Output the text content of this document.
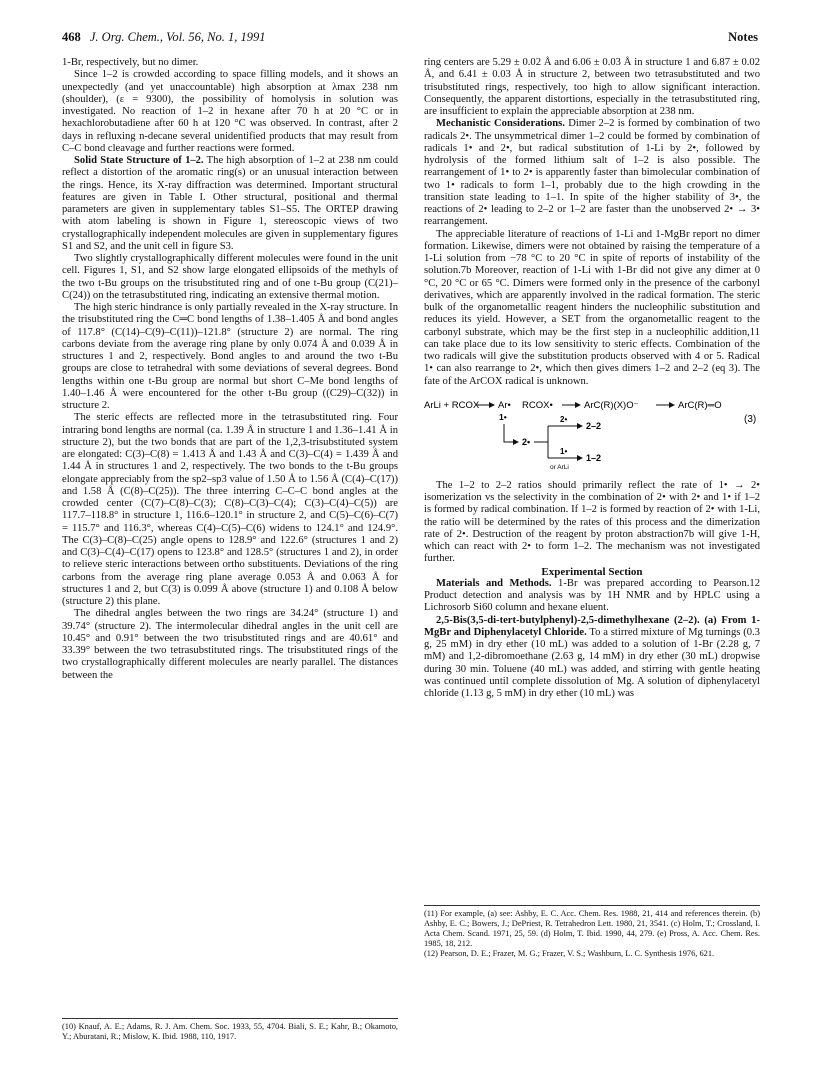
468 J. Org. Chem., Vol. 56, No. 1, 1991	Notes

1-Br, respectively, but no dimer.

Since 1–2 is crowded according to space filling models, and it shows an unexpectedly (and yet unaccountable) high absorption at λmax 238 nm (shoulder), (ε = 9300), the possibility of homolysis in solution was investigated. No reaction of 1–2 in hexane after 70 h at 20 °C or in hexachlorobutadiene after 60 h at 120 °C was observed. In contrast, after 2 days in refluxing n-decane several unidentified products that may result from C–C bond cleavage and further reactions were formed.

Solid State Structure of 1–2. The high absorption of 1–2 at 238 nm could reflect a distortion of the aromatic ring(s) or an unusual interaction between the rings. Hence, its X-ray diffraction was determined. Important structural features are given in Table I. Other structural, positional and thermal parameters are given in supplementary tables S1–S5. The ORTEP drawing with atom labeling is shown in Figure 1, stereoscopic views of two crystallographically independent molecules are given in supplementary figures S1 and S2, and the unit cell in figure S3.

Two slightly crystallographically different molecules were found in the unit cell. Figures 1, S1, and S2 show large elongated ellipsoids of the methyls of the two t-Bu groups on the trisubstituted ring and of one t-Bu group (C(21)–C(24)) on the tetrasubstituted ring, indicating an extensive thermal motion.

The high steric hindrance is only partially revealed in the X-ray structure. In the trisubstituted ring the C═C bond lengths of 1.38–1.405 Å and bond angles of 117.8° (C(14)–C(9)–C(11))–121.8° (structure 2) are normal. The ring carbons deviate from the average ring plane by only 0.074 Å and 0.039 Å in structures 1 and 2, respectively. Bond angles to and around the two t-Bu groups are close to tetrahedral with some deviations of several degrees. Bond lengths within one t-Bu group are normal but short C–Me bond lengths of 1.40–1.46 Å were encountered for the other t-Bu group ((C29)–C(32)) in structure 2.

The steric effects are reflected more in the tetrasubstituted ring. Four intraring bond lengths are normal (ca. 1.39 Å in structure 1 and 1.36–1.41 Å in structure 2), but the two bonds that are part of the 1,2,3-trisubstituted system are elongated: C(3)–C(8) = 1.413 Å and 1.43 Å and C(3)–C(4) = 1.439 Å and 1.44 Å in structures 1 and 2, respectively. The two bonds to the t-Bu groups elongate appreciably from the sp2–sp3 value of 1.50 Å to 1.56 Å (C(4)–C(17)) and 1.58 Å (C(8)–C(25)). The three interring C–C–C bond angles at the crowded center (C(7)–C(8)–C(3); C(8)–C(3)–C(4); C(3)–C(4)–C(5)) are 117.7–118.8° in structure 1, 116.6–120.1° in structure 2, and C(5)–C(6)–C(7) = 115.7° and 116.3°, whereas C(4)–C(5)–C(6) widens to 124.1° and 124.9°. The C(3)–C(8)–C(25) angle opens to 128.9° and 122.6° (structures 1 and 2) and C(3)–C(4)–C(17) opens to 123.8° and 128.5° (structures 1 and 2), in order to relieve steric interactions between ortho substituents. Deviations of the ring carbons from the average ring plane average 0.053 Å and 0.063 Å for structures 1 and 2, but C(3) is 0.099 Å above (structure 1) and 0.108 Å below (structure 2) this plane.

The dihedral angles between the two rings are 34.24° (structure 1) and 39.74° (structure 2). The intermolecular dihedral angles in the unit cell are 10.45° and 0.91° between the two trisubstituted rings and are 40.61° and 33.39° between the two tetrasubstituted rings. The trisubstituted rings of the two crystallographically different molecules are nearly parallel. The distances between the

(10) Knauf, A. E.; Adams, R. J. Am. Chem. Soc. 1933, 55, 4704. Biali, S. E.; Kahr, B.; Okamoto, Y.; Aburatani, R.; Mislow, K. Ibid. 1988, 110, 1917.

ring centers are 5.29 ± 0.02 Å and 6.06 ± 0.03 Å in structure 1 and 6.87 ± 0.02 Å, and 6.41 ± 0.03 Å in structure 2, between two tetrasubstituted and two trisubstituted rings, respectively, too high to allow significant interaction. Consequently, the apparent distortions, especially in the tetrasubstituted ring, are insufficient to explain the appreciable absorption at 238 nm.

Mechanistic Considerations. Dimer 2–2 is formed by combination of two radicals 2•. The unsymmetrical dimer 1–2 could be formed by combination of radicals 1• and 2•, but radical substitution of 1-Li by 2•, followed by hydrolysis of the formed lithium salt of 1–2 is also possible. The rearrangement of 1• to 2• is apparently faster than bimolecular combination of two 1• radicals to form 1–1, probably due to the high crowding in the transition state leading to 1–1. In spite of the higher stability of 3•, the reactions of 2• leading to 2–2 or 1–2 are faster than the unobserved 2• → 3• rearrangement.

The appreciable literature of reactions of 1-Li and 1-MgBr report no dimer formation. Likewise, dimers were not obtained by raising the temperature of a 1-Li solution from −78 °C to 20 °C in spite of reports of instability of the solution.7b Moreover, reaction of 1-Li with 1-Br did not give any dimer at 0 °C, 20 °C or 65 °C. Dimers were formed only in the presence of the carbonyl derivatives, which are apparently involved in the radical formation. The steric bulk of the organometallic reagent hinders the nucleophilic substitution and reduces its yield. However, a SET from the organometallic reagent to the carbonyl substrate, which may be the first step in a nucleophilic addition,11 can take place due to its low sensitivity to steric effects. Combination of the two radicals will give the substitution products observed with 4 or 5. Radical 1• can also rearrange to 2•, which then gives dimers 1–2 and 2–2 (eq 3). The fate of the ArCOX radical is unknown.

ArLi + RCOX Ar• RCOX•	ArC(R)(X)O⁻	ArC(R)═O
(3)
1•
2•
2•
2–2
1•
or ArLi
1–2

The 1–2 to 2–2 ratios should primarily reflect the rate of 1• → 2• isomerization vs the selectivity in the combination of 2• with 2• and 1• if 1–2 is formed by radical combination. If 1–2 is formed by reaction of 2• with 1-Li, the ratio will be determined by the rates of this process and the dimerization rate of 2•. Destruction of the reagent by proton abstraction7b will give 1-H, which can react with 2• to form 1–2. The mechanism was not investigated further.

Experimental Section

Materials and Methods. 1-Br was prepared according to Pearson.12 Product detection and analysis was by 1H NMR and by HPLC using a Lichrosorb Si60 column and hexane eluent.

2,5-Bis(3,5-di-tert-butylphenyl)-2,5-dimethylhexane (2–2). (a) From 1-MgBr and Diphenylacetyl Chloride. To a stirred mixture of Mg turnings (0.3 g, 25 mM) in dry ether (10 mL) was added to a solution of 1-Br (2.28 g, 7 mM) and 1,2-dibromoethane (2.63 g, 14 mM) in dry ether (30 mL) dropwise during 30 min. Toluene (40 mL) was added, and stirring with gentle heating was continued until complete dissolution of Mg. A solution of diphenylacetyl chloride (1.13 g, 5 mM) in dry ether (10 mL) was

(11) For example, (a) see: Ashby, E. C. Acc. Chem. Res. 1988, 21, 414 and references therein. (b) Ashby, E. C.; Bowers, J.; DePriest, R. Tetrahedron Lett. 1980, 21, 3541. (c) Holm, T.; Crossland, I. Acta Chem. Scand. 1971, 25, 59. (d) Holm, T. Ibid. 1990, 44, 279. (e) Pross, A. Acc. Chem. Res. 1985, 18, 212.

(12) Pearson, D. E.; Frazer, M. G.; Frazer, V. S.; Washburn, L. C. Synthesis 1976, 621.
